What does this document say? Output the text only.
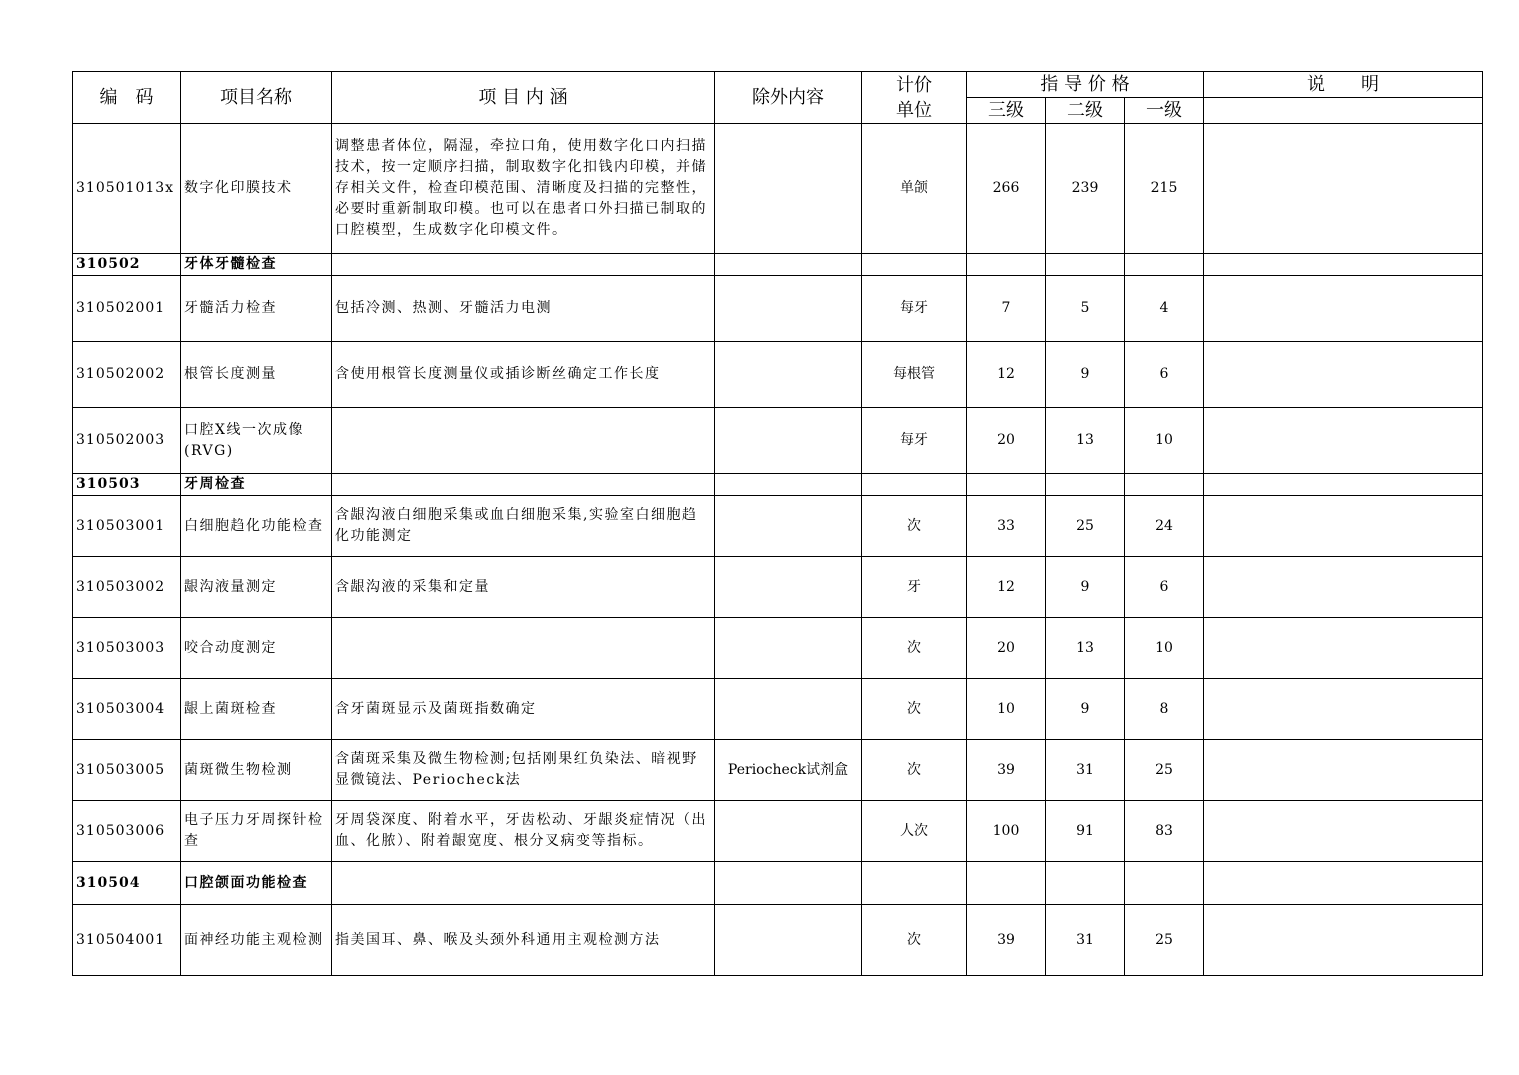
编　码	项目名称	项 目 内 涵	除外内容	计价
单位	指 导 价 格			说　　明
					三级	二级	一级	
310501013x	数字化印膜技术	调整患者体位，隔湿，牵拉口角，使用数字化口内扫描技术，按一定顺序扫描，制取数字化扣钱内印模，并储存相关文件，检查印模范围、清晰度及扫描的完整性，必要时重新制取印模。也可以在患者口外扫描已制取的口腔模型，生成数字化印模文件。		单颌	266	239	215	
310502	牙体牙髓检查							
310502001	牙髓活力检查	包括冷测、热测、牙髓活力电测		每牙	7	5	4	
310502002	根管长度测量	含使用根管长度测量仪或插诊断丝确定工作长度		每根管	12	9	6	
310502003	口腔X线一次成像(RVG)			每牙	20	13	10	
310503	牙周检查							
310503001	白细胞趋化功能检查	含龈沟液白细胞采集或血白细胞采集,实验室白细胞趋化功能测定		次	33	25	24	
310503002	龈沟液量测定	含龈沟液的采集和定量		牙	12	9	6	
310503003	咬合动度测定			次	20	13	10	
310503004	龈上菌斑检查	含牙菌斑显示及菌斑指数确定		次	10	9	8	
310503005	菌斑微生物检测	含菌斑采集及微生物检测;包括刚果红负染法、暗视野显微镜法、Periocheck法	Periocheck试剂盒	次	39	31	25	
310503006	电子压力牙周探针检查	牙周袋深度、附着水平，牙齿松动、牙龈炎症情况（出血、化脓）、附着龈宽度、根分叉病变等指标。		人次	100	91	83	
310504	口腔颌面功能检查							
310504001	面神经功能主观检测	指美国耳、鼻、喉及头颈外科通用主观检测方法		次	39	31	25	
